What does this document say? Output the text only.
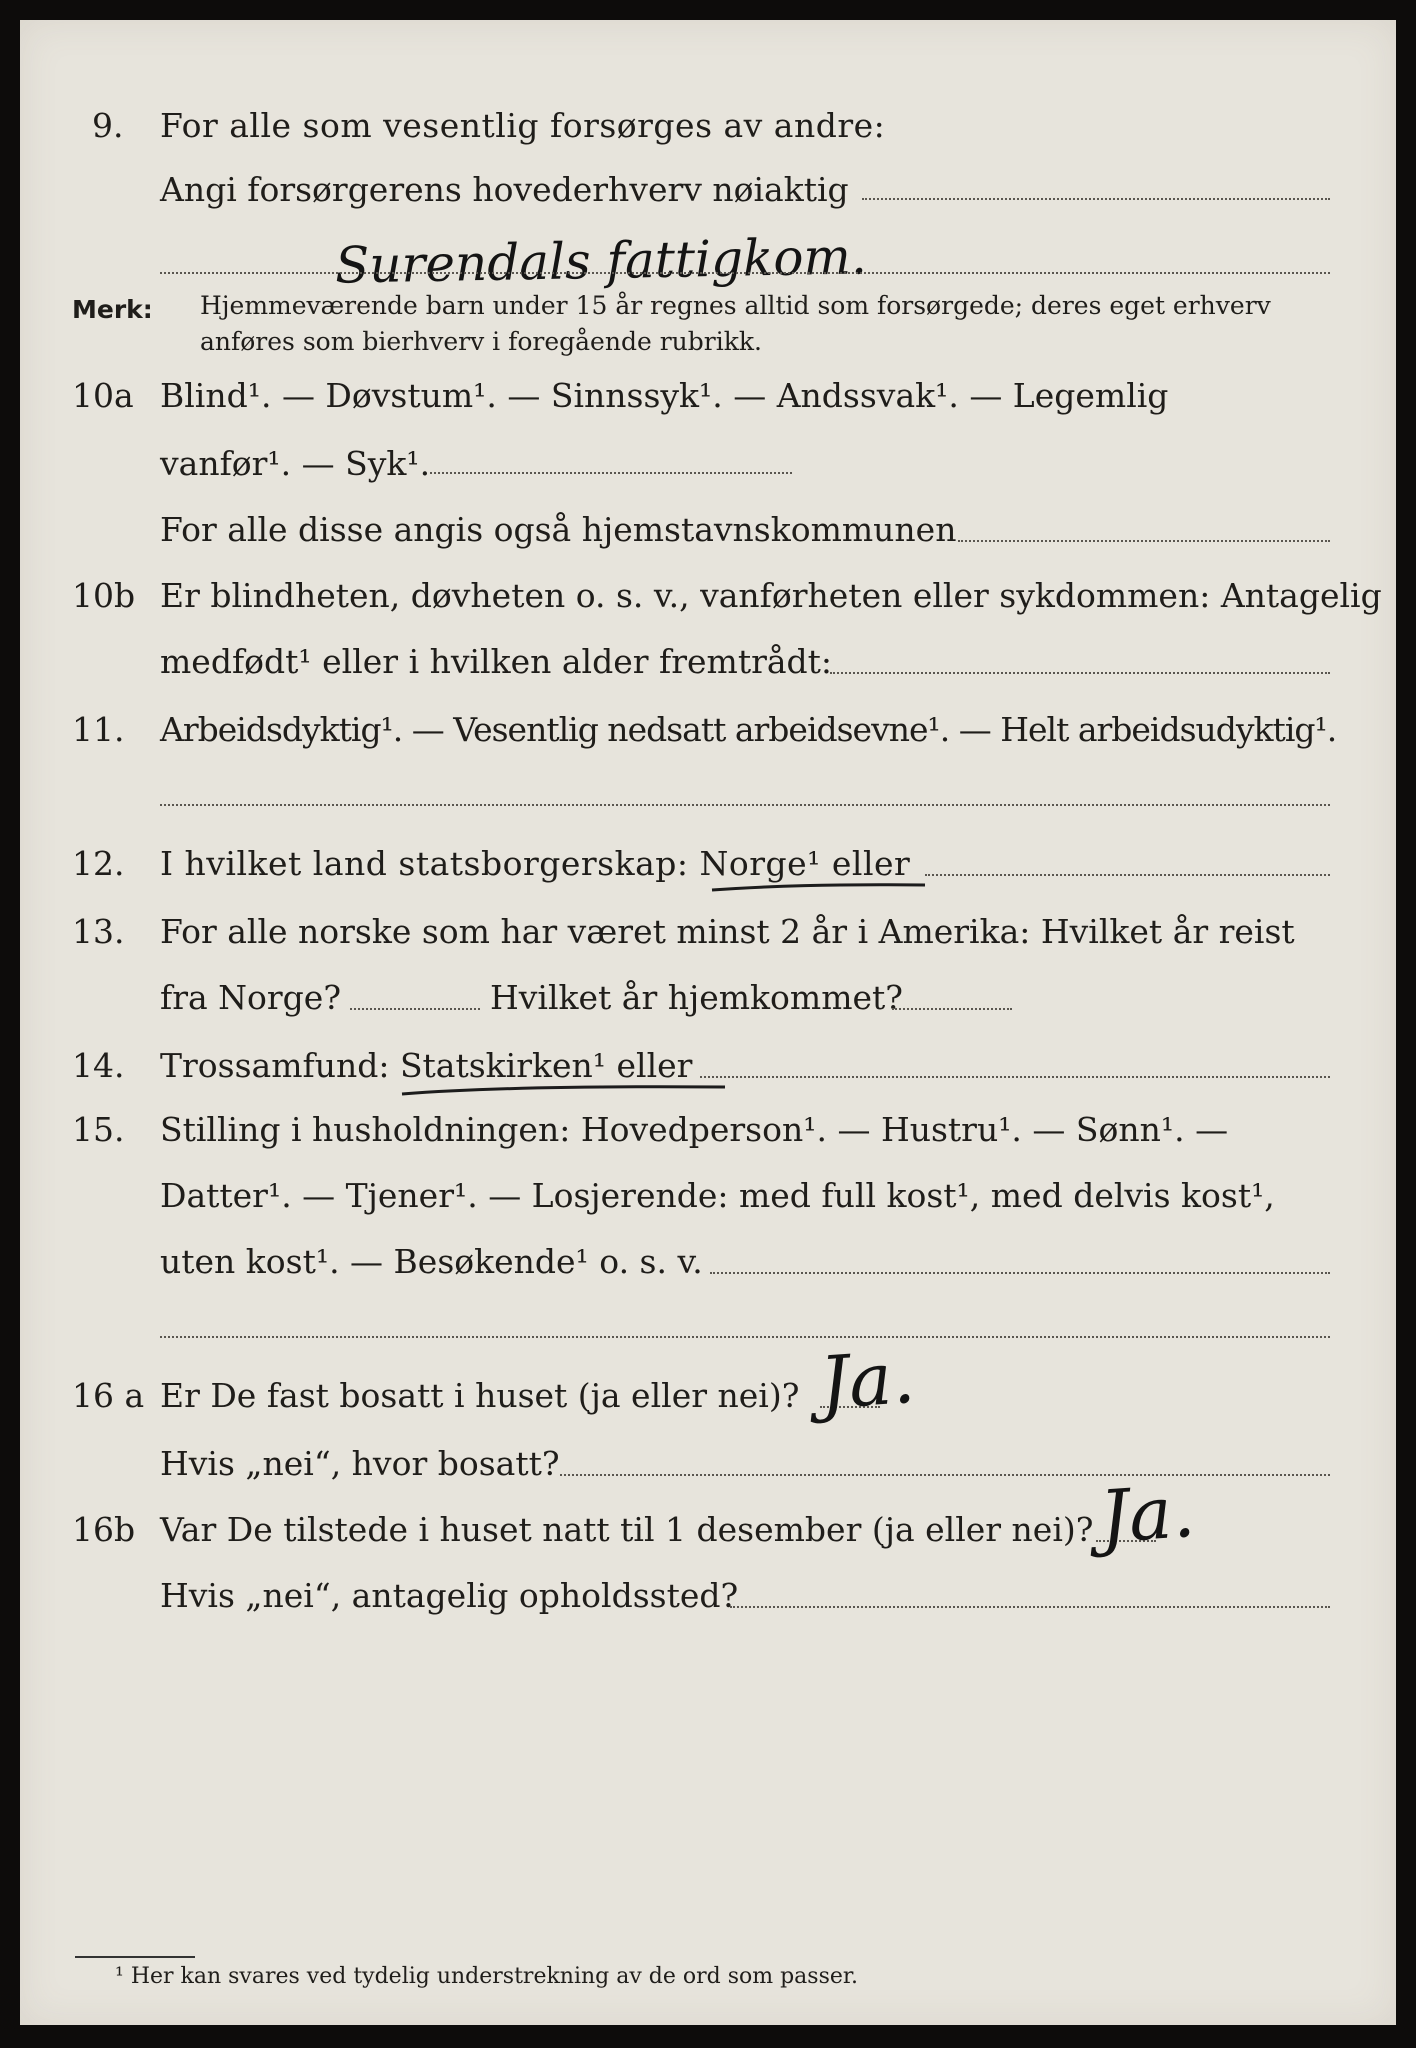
9. For alle som vesentlig forsørges av andre:
Angi forsørgerens hovederhverv nøiaktig
Surendals fattigkom.
Merk: Hjemmeværende barn under 15 år regnes alltid som forsørgede; deres eget erhverv
anføres som bierhverv i foregående rubrikk.
10a Blind¹. — Døvstum¹. — Sinnssyk¹. — Andssvak¹. — Legemlig
vanfør¹. — Syk¹.
For alle disse angis også hjemstavnskommunen
10b Er blindheten, døvheten o. s. v., vanførheten eller sykdommen: Antagelig
medfødt¹ eller i hvilken alder fremtrådt:
11. Arbeidsdyktig¹. — Vesentlig nedsatt arbeidsevne¹. — Helt arbeidsudyktig¹.
12. I hvilket land statsborgerskap: Norge¹ eller
13. For alle norske som har været minst 2 år i Amerika: Hvilket år reist
fra Norge?	Hvilket år hjemkommet?
14. Trossamfund: Statskirken¹ eller
15. Stilling i husholdningen: Hovedperson¹. — Hustru¹. — Sønn¹. —
Datter¹. — Tjener¹. — Losjerende: med full kost¹, med delvis kost¹,
uten kost¹. — Besøkende¹ o. s. v.
16 a Er De fast bosatt i huset (ja eller nei)? Ja.
Hvis „nei“, hvor bosatt?
16b Var De tilstede i huset natt til 1 desember (ja eller nei)? Ja.
Hvis „nei“, antagelig opholdssted?
¹ Her kan svares ved tydelig understrekning av de ord som passer.
